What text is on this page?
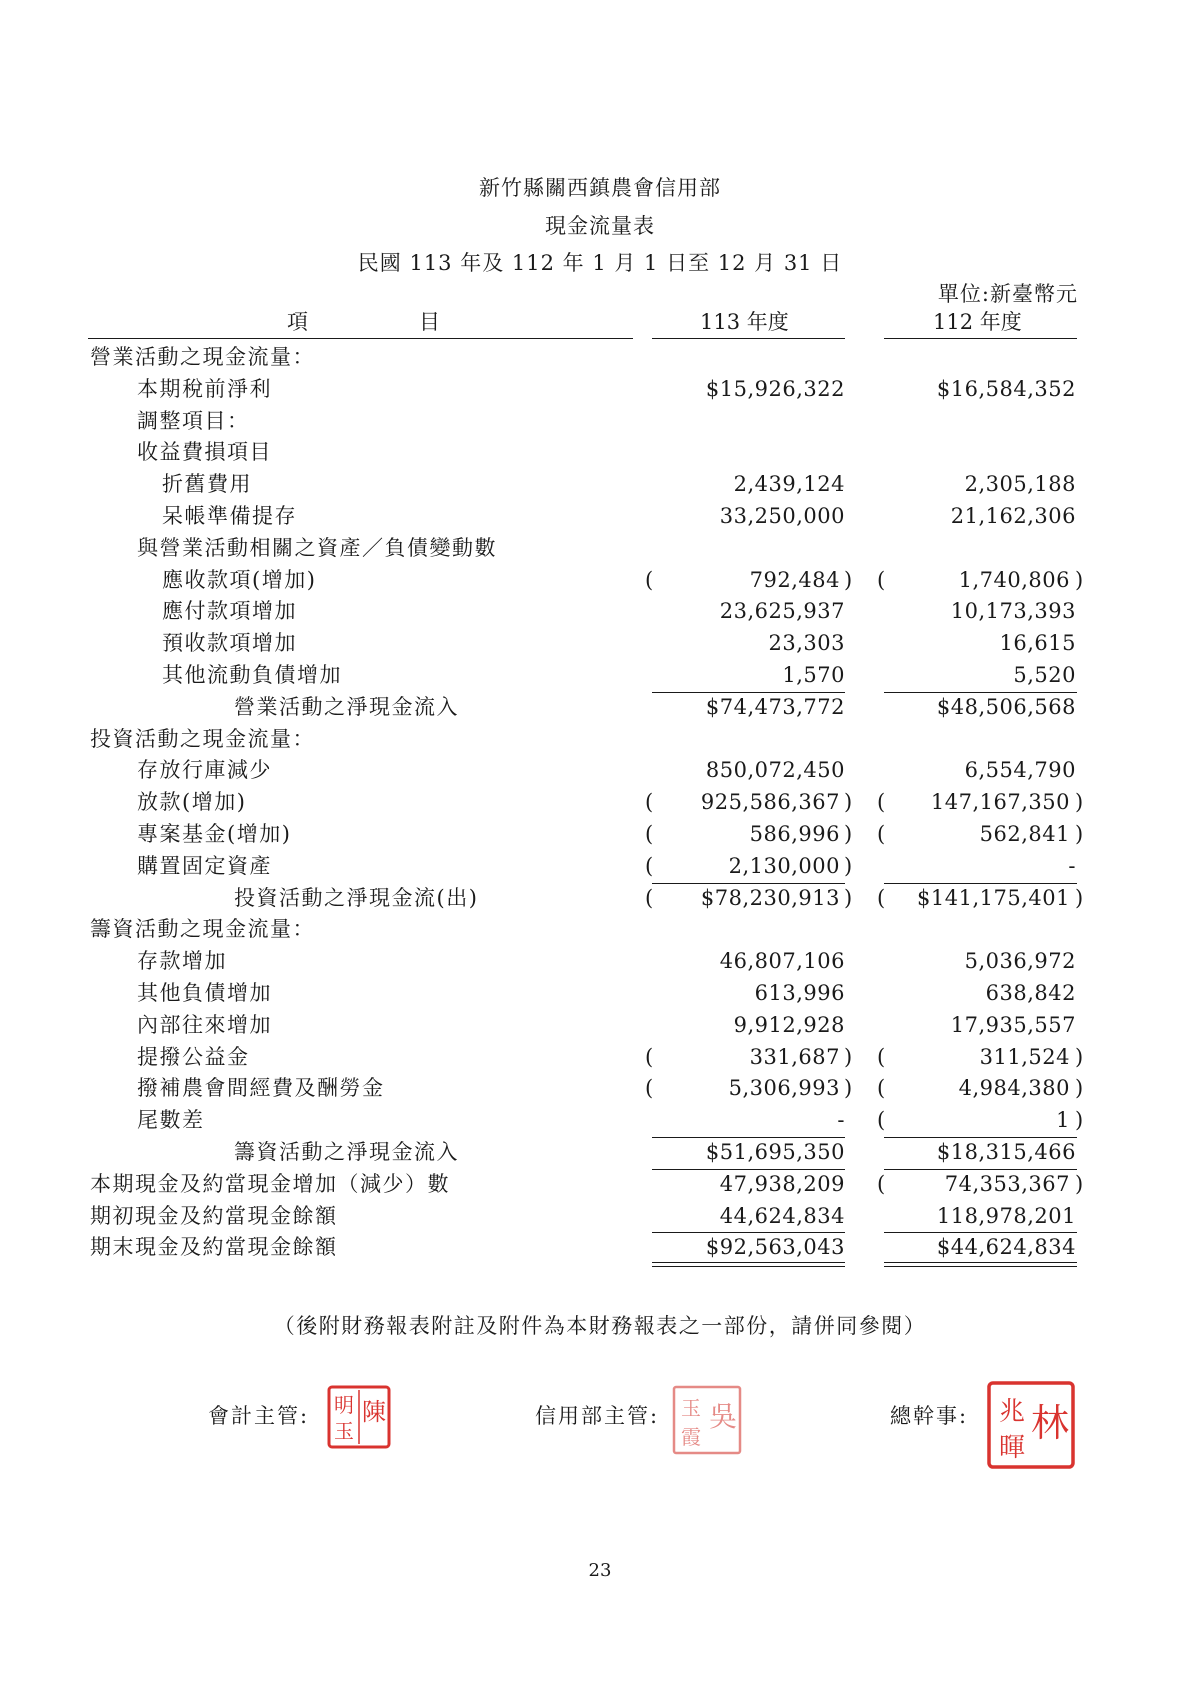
新竹縣關西鎮農會信用部
現金流量表
民國 113 年及 112 年 1 月 1 日至 12 月 31 日
單位:新臺幣元
項	目	113 年度	112 年度
營業活動之現金流量：
本期稅前淨利	$15,926,322	$16,584,352
調整項目：
收益費損項目
折舊費用	2,439,124	2,305,188
呆帳準備提存	33,250,000	21,162,306
與營業活動相關之資產／負債變動數
應收款項(增加)	(	792,484 ) (	1,740,806 )
應付款項增加	23,625,937	10,173,393
預收款項增加	23,303	16,615
其他流動負債增加	1,570	5,520
營業活動之淨現金流入	$74,473,772	$48,506,568
投資活動之現金流量：
存放行庫減少	850,072,450	6,554,790
放款(增加)	(	925,586,367 ) (	147,167,350 )
專案基金(增加)	(	586,996 ) (	562,841 )
購置固定資產	(	2,130,000 )	-
投資活動之淨現金流(出)	(	$78,230,913 ) (	$141,175,401 )
籌資活動之現金流量：
存款增加	46,807,106	5,036,972
其他負債增加	613,996	638,842
內部往來增加	9,912,928	17,935,557
提撥公益金	(	331,687 ) (	311,524 )
撥補農會間經費及酬勞金	(	5,306,993 ) (	4,984,380 )
尾數差	- (	1 )
籌資活動之淨現金流入	$51,695,350	$18,315,466
本期現金及約當現金增加（減少）數	47,938,209 (	74,353,367 )
期初現金及約當現金餘額	44,624,834	118,978,201
期末現金及約當現金餘額	$92,563,043	$44,624,834
（後附財務報表附註及附件為本財務報表之一部份，請併同參閱）
會計主管:	信用部主管:	總幹事:
陳
明
玉	吳
玉
霞	林
兆
暉
23
